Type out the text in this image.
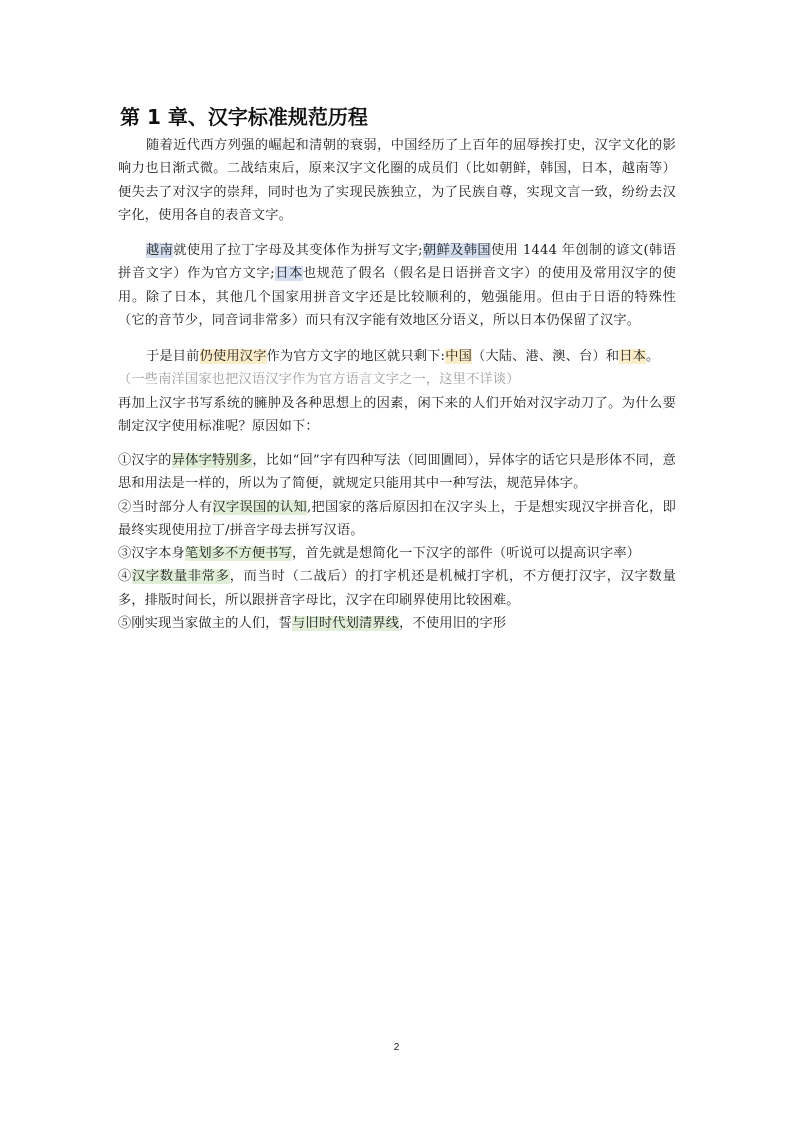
第 1 章、汉字标准规范历程

随着近代西方列强的崛起和清朝的衰弱，中国经历了上百年的屈辱挨打史，汉字文化的影响力也日渐式微。二战结束后，原来汉字文化圈的成员们（比如朝鲜，韩国，日本，越南等）便失去了对汉字的崇拜，同时也为了实现民族独立，为了民族自尊，实现文言一致，纷纷去汉字化，使用各自的表音文字。

越南就使用了拉丁字母及其变体作为拼写文字;朝鲜及韩国使用 1444 年创制的谚文(韩语拼音文字）作为官方文字;日本也规范了假名（假名是日语拼音文字）的使用及常用汉字的使用。除了日本，其他几个国家用拼音文字还是比较顺利的，勉强能用。但由于日语的特殊性（它的音节少，同音词非常多）而只有汉字能有效地区分语义，所以日本仍保留了汉字。

于是目前仍使用汉字作为官方文字的地区就只剩下:中国（大陆、港、澳、台）和日本。
（一些南洋国家也把汉语汉字作为官方语言文字之一，这里不详谈）
再加上汉字书写系统的臃肿及各种思想上的因素，闲下来的人们开始对汉字动刀了。为什么要制定汉字使用标准呢？原因如下：

①汉字的异体字特别多，比如“回”字有四种写法（囘囬圚囘），异体字的话它只是形体不同，意思和用法是一样的，所以为了简便，就规定只能用其中一种写法，规范异体字。
②当时部分人有汉字误国的认知,把国家的落后原因扣在汉字头上，于是想实现汉字拼音化，即最终实现使用拉丁/拼音字母去拼写汉语。
③汉字本身笔划多不方便书写，首先就是想简化一下汉字的部件（听说可以提高识字率）
④汉字数量非常多，而当时（二战后）的打字机还是机械打字机，不方便打汉字，汉字数量多，排版时间长，所以跟拼音字母比，汉字在印刷界使用比较困难。
⑤刚实现当家做主的人们，誓与旧时代划清界线，不使用旧的字形
2
